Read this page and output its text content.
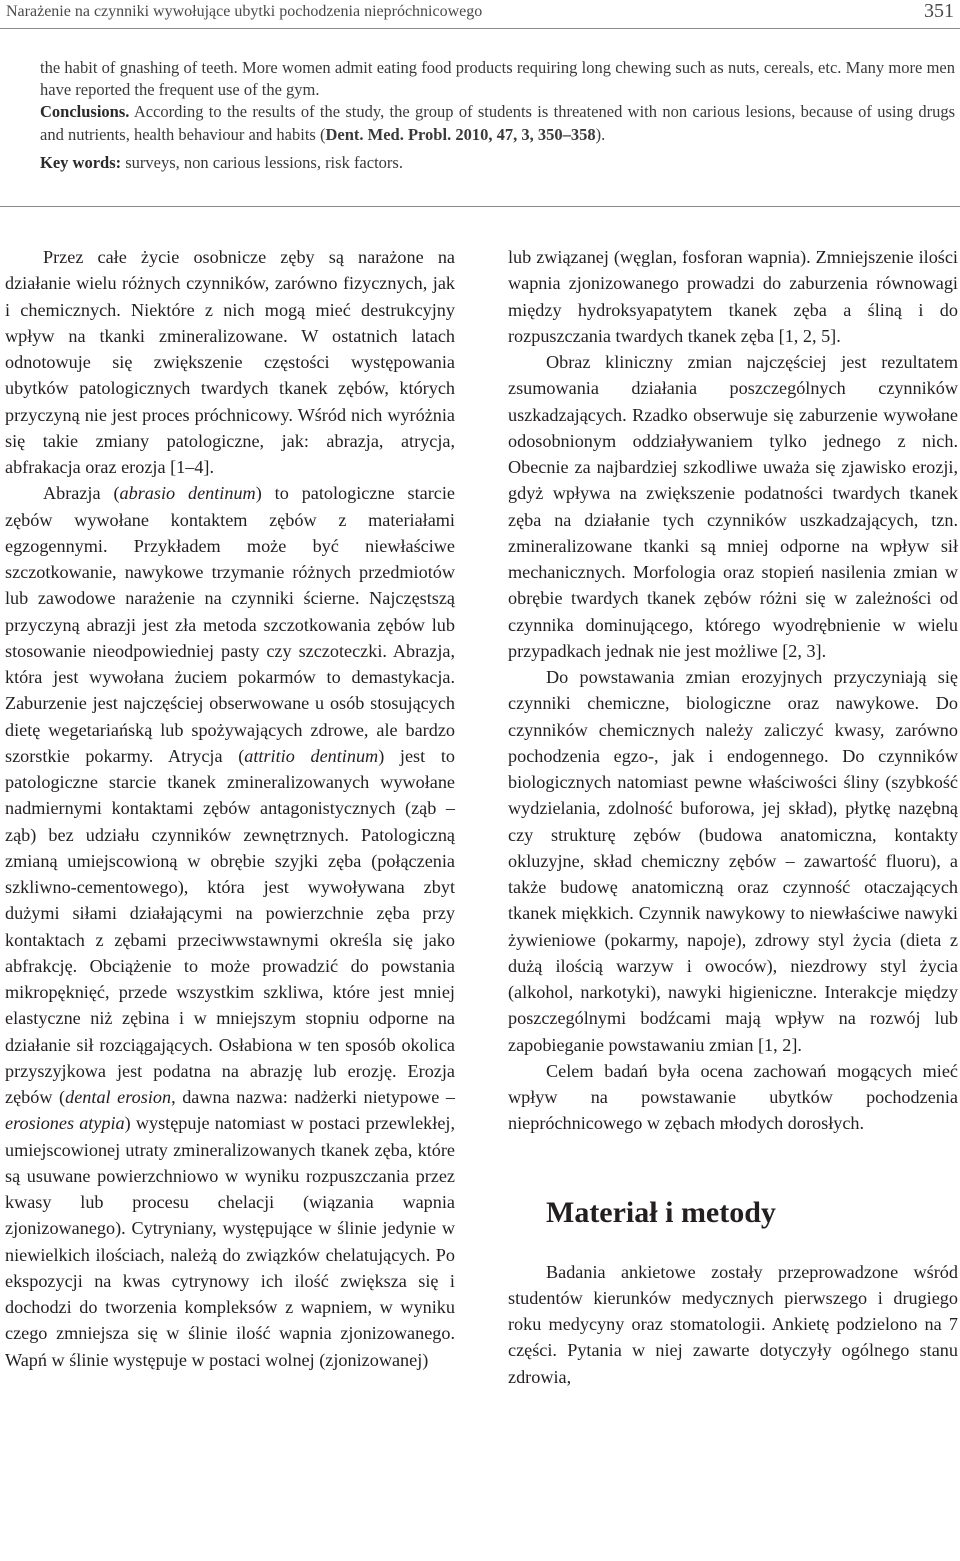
Narażenie na czynniki wywołujące ubytki pochodzenia niepróchnicowego	351

the habit of gnashing of teeth. More women admit eating food products requiring long chewing such as nuts, cereals, etc. Many more men have reported the frequent use of the gym.

Conclusions. According to the results of the study, the group of students is threatened with non carious lesions, because of using drugs and nutrients, health behaviour and habits (Dent. Med. Probl. 2010, 47, 3, 350–358).

Key words: surveys, non carious lessions, risk factors.

Przez całe życie osobnicze zęby są narażone na działanie wielu różnych czynników, zarówno fizycznych, jak i chemicznych. Niektóre z nich mogą mieć destrukcyjny wpływ na tkanki zmineralizowane. W ostatnich latach odnotowuje się zwiększenie częstości występowania ubytków patologicznych twardych tkanek zębów, których przyczyną nie jest proces próchnicowy. Wśród nich wyróżnia się takie zmiany patologiczne, jak: abrazja, atrycja, abfrakacja oraz erozja [1–4].

Abrazja (abrasio dentinum) to patologiczne starcie zębów wywołane kontaktem zębów z materiałami egzogennymi. Przykładem może być niewłaściwe szczotkowanie, nawykowe trzymanie różnych przedmiotów lub zawodowe narażenie na czynniki ścierne. Najczęstszą przyczyną abrazji jest zła metoda szczotkowania zębów lub stosowanie nieodpowiedniej pasty czy szczoteczki. Abrazja, która jest wywołana żuciem pokarmów to demastykacja. Zaburzenie jest najczęściej obserwowane u osób stosujących dietę wegetariańską lub spożywających zdrowe, ale bardzo szorstkie pokarmy. Atrycja (attritio dentinum) jest to patologiczne starcie tkanek zmineralizowanych wywołane nadmiernymi kontaktami zębów antagonistycznych (ząb – ząb) bez udziału czynników zewnętrznych. Patologiczną zmianą umiejscowioną w obrębie szyjki zęba (połączenia szkliwno-cementowego), która jest wywoływana zbyt dużymi siłami działającymi na powierzchnie zęba przy kontaktach z zębami przeciwwstawnymi określa się jako abfrakcję. Obciążenie to może prowadzić do powstania mikropęknięć, przede wszystkim szkliwa, które jest mniej elastyczne niż zębina i w mniejszym stopniu odporne na działanie sił rozciągających. Osłabiona w ten sposób okolica przyszyjkowa jest podatna na abrazję lub erozję. Erozja zębów (dental erosion, dawna nazwa: nadżerki nietypowe – erosiones atypia) występuje natomiast w postaci przewlekłej, umiejscowionej utraty zmineralizowanych tkanek zęba, które są usuwane powierzchniowo w wyniku rozpuszczania przez kwasy lub procesu chelacji (wiązania wapnia zjonizowanego). Cytryniany, występujące w ślinie jedynie w niewielkich ilościach, należą do związków chelatujących. Po ekspozycji na kwas cytrynowy ich ilość zwiększa się i dochodzi do tworzenia kompleksów z wapniem, w wyniku czego zmniejsza się w ślinie ilość wapnia zjonizowanego. Wapń w ślinie występuje w postaci wolnej (zjonizowanej)

lub związanej (węglan, fosforan wapnia). Zmniejszenie ilości wapnia zjonizowanego prowadzi do zaburzenia równowagi między hydroksyapatytem tkanek zęba a śliną i do rozpuszczania twardych tkanek zęba [1, 2, 5].

Obraz kliniczny zmian najczęściej jest rezultatem zsumowania działania poszczególnych czynników uszkadzających. Rzadko obserwuje się zaburzenie wywołane odosobnionym oddziaływaniem tylko jednego z nich. Obecnie za najbardziej szkodliwe uważa się zjawisko erozji, gdyż wpływa na zwiększenie podatności twardych tkanek zęba na działanie tych czynników uszkadzających, tzn. zmineralizowane tkanki są mniej odporne na wpływ sił mechanicznych. Morfologia oraz stopień nasilenia zmian w obrębie twardych tkanek zębów różni się w zależności od czynnika dominującego, którego wyodrębnienie w wielu przypadkach jednak nie jest możliwe [2, 3].

Do powstawania zmian erozyjnych przyczyniają się czynniki chemiczne, biologiczne oraz nawykowe. Do czynników chemicznych należy zaliczyć kwasy, zarówno pochodzenia egzo-, jak i endogennego. Do czynników biologicznych natomiast pewne właściwości śliny (szybkość wydzielania, zdolność buforowa, jej skład), płytkę nazębną czy strukturę zębów (budowa anatomiczna, kontakty okluzyjne, skład chemiczny zębów – zawartość fluoru), a także budowę anatomiczną oraz czynność otaczających tkanek miękkich. Czynnik nawykowy to niewłaściwe nawyki żywieniowe (pokarmy, napoje), zdrowy styl życia (dieta z dużą ilością warzyw i owoców), niezdrowy styl życia (alkohol, narkotyki), nawyki higieniczne. Interakcje między poszczególnymi bodźcami mają wpływ na rozwój lub zapobieganie powstawaniu zmian [1, 2].

Celem badań była ocena zachowań mogących mieć wpływ na powstawanie ubytków pochodzenia niepróchnicowego w zębach młodych dorosłych.

Materiał i metody

Badania ankietowe zostały przeprowadzone wśród studentów kierunków medycznych pierwszego i drugiego roku medycyny oraz stomatologii. Ankietę podzielono na 7 części. Pytania w niej zawarte dotyczyły ogólnego stanu zdrowia,
